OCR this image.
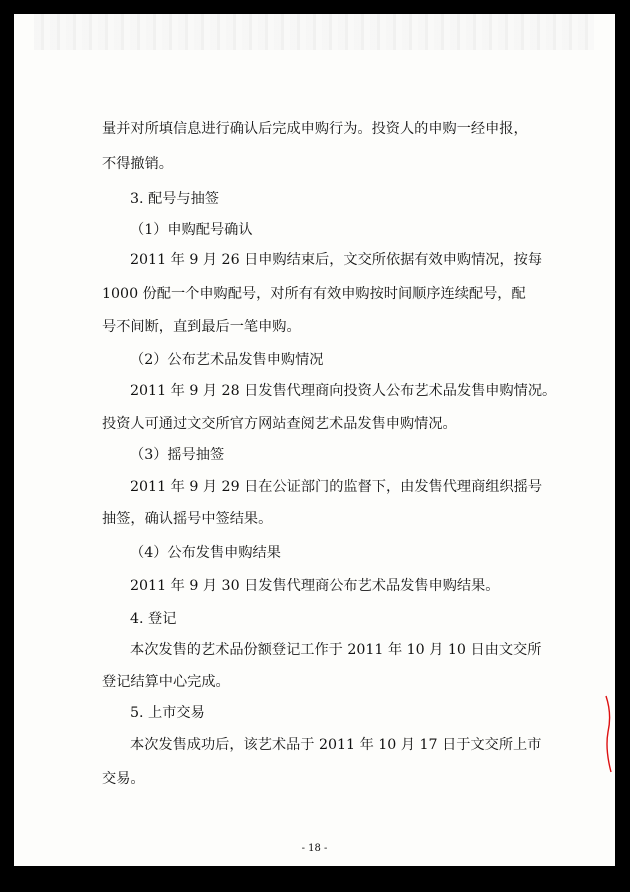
量并对所填信息进行确认后完成申购行为。投资人的申购一经申报，
不得撤销。
3. 配号与抽签
（1）申购配号确认
2011 年 9 月 26 日申购结束后，文交所依据有效申购情况，按每
1000 份配一个申购配号，对所有有效申购按时间顺序连续配号，配
号不间断，直到最后一笔申购。
（2）公布艺术品发售申购情况
2011 年 9 月 28 日发售代理商向投资人公布艺术品发售申购情况。
投资人可通过文交所官方网站查阅艺术品发售申购情况。
（3）摇号抽签
2011 年 9 月 29 日在公证部门的监督下，由发售代理商组织摇号
抽签，确认摇号中签结果。
（4）公布发售申购结果
2011 年 9 月 30 日发售代理商公布艺术品发售申购结果。
4. 登记
本次发售的艺术品份额登记工作于 2011 年 10 月 10 日由文交所
登记结算中心完成。
5. 上市交易
本次发售成功后，该艺术品于 2011 年 10 月 17 日于文交所上市
交易。
- 18 -
